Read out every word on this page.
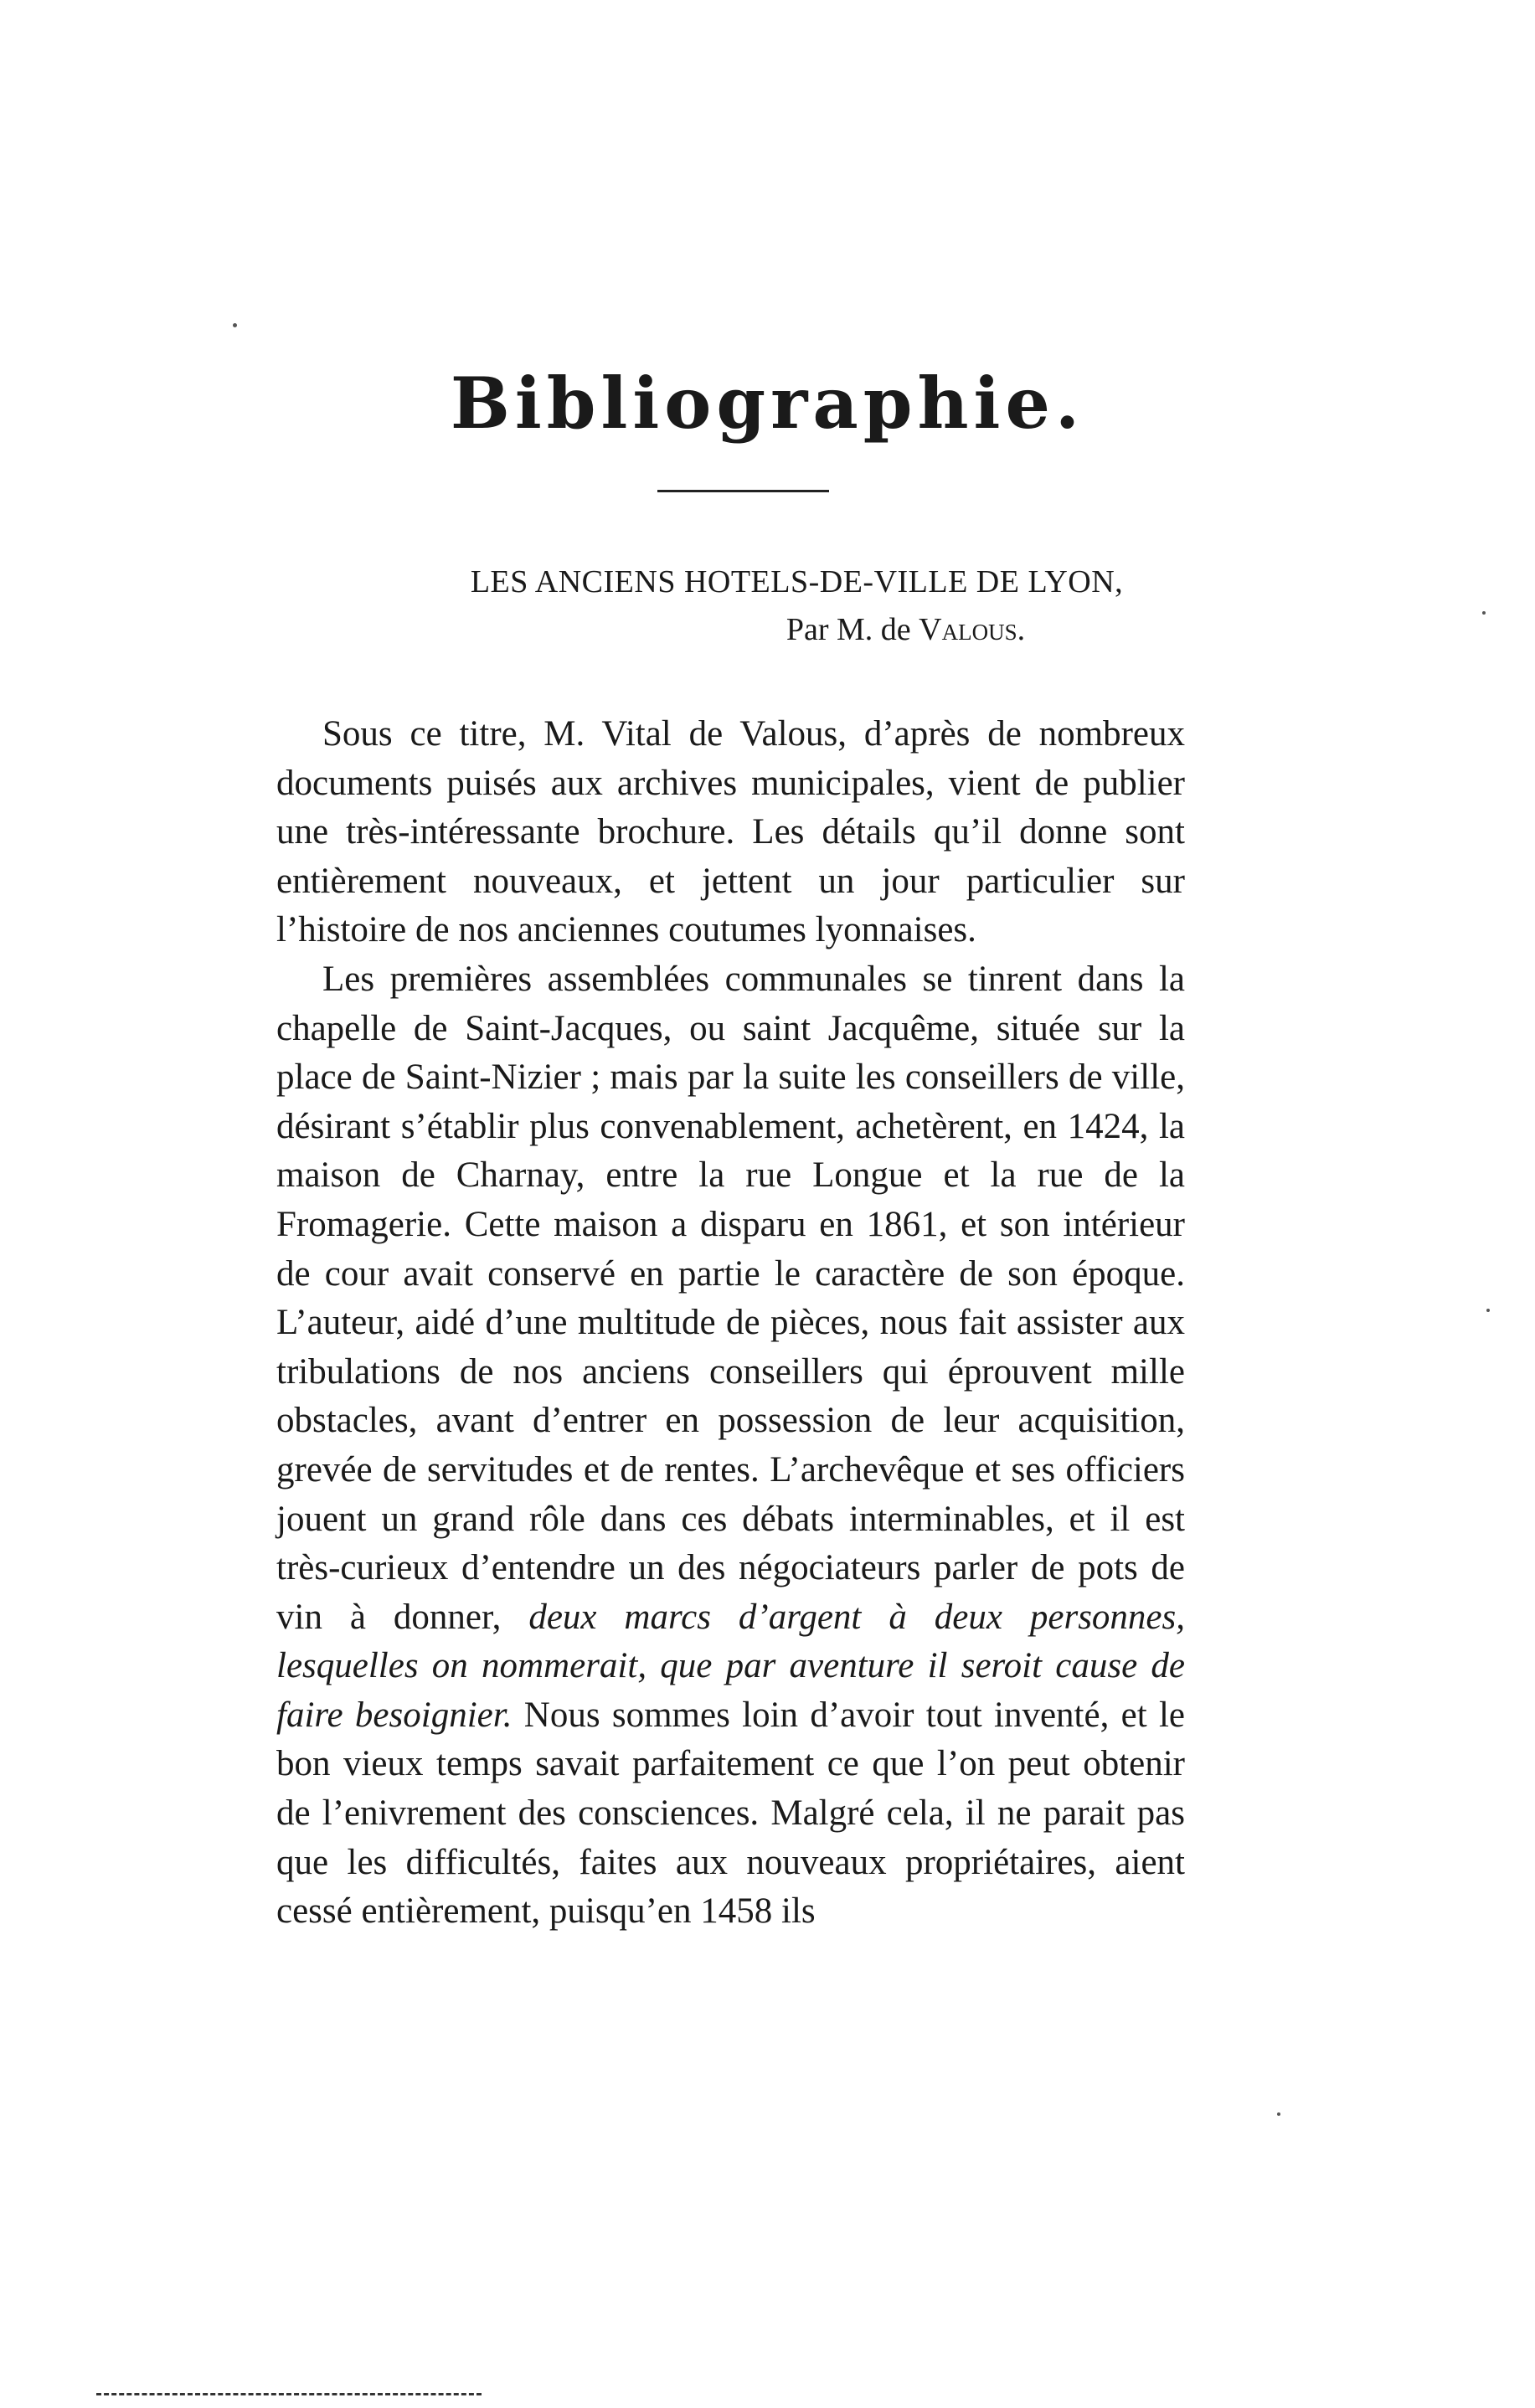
Bibliographie.
LES ANCIENS HOTELS-DE-VILLE DE LYON,
Par M. de Valous.

Sous ce titre, M. Vital de Valous, d’après de nombreux documents puisés aux archives municipales, vient de publier une très-intéressante brochure. Les détails qu’il donne sont entièrement nouveaux, et jettent un jour particulier sur l’histoire de nos anciennes coutumes lyonnaises.

Les premières assemblées communales se tinrent dans la chapelle de Saint-Jacques, ou saint Jacquême, située sur la place de Saint-Nizier ; mais par la suite les conseillers de ville, désirant s’établir plus convenablement, achetèrent, en 1424, la maison de Charnay, entre la rue Longue et la rue de la Fromagerie. Cette maison a disparu en 1861, et son intérieur de cour avait conservé en partie le caractère de son époque. L’auteur, aidé d’une multitude de pièces, nous fait assister aux tribulations de nos anciens conseillers qui éprouvent mille obstacles, avant d’entrer en possession de leur acquisition, grevée de servitudes et de rentes. L’archevêque et ses officiers jouent un grand rôle dans ces débats interminables, et il est très-curieux d’entendre un des négociateurs parler de pots de vin à donner, deux marcs d’argent à deux personnes, lesquelles on nommerait, que par aventure il seroit cause de faire besoignier. Nous sommes loin d’avoir tout inventé, et le bon vieux temps savait parfaitement ce que l’on peut obtenir de l’enivrement des consciences. Malgré cela, il ne parait pas que les difficultés, faites aux nouveaux propriétaires, aient cessé entièrement, puisqu’en 1458 ils
